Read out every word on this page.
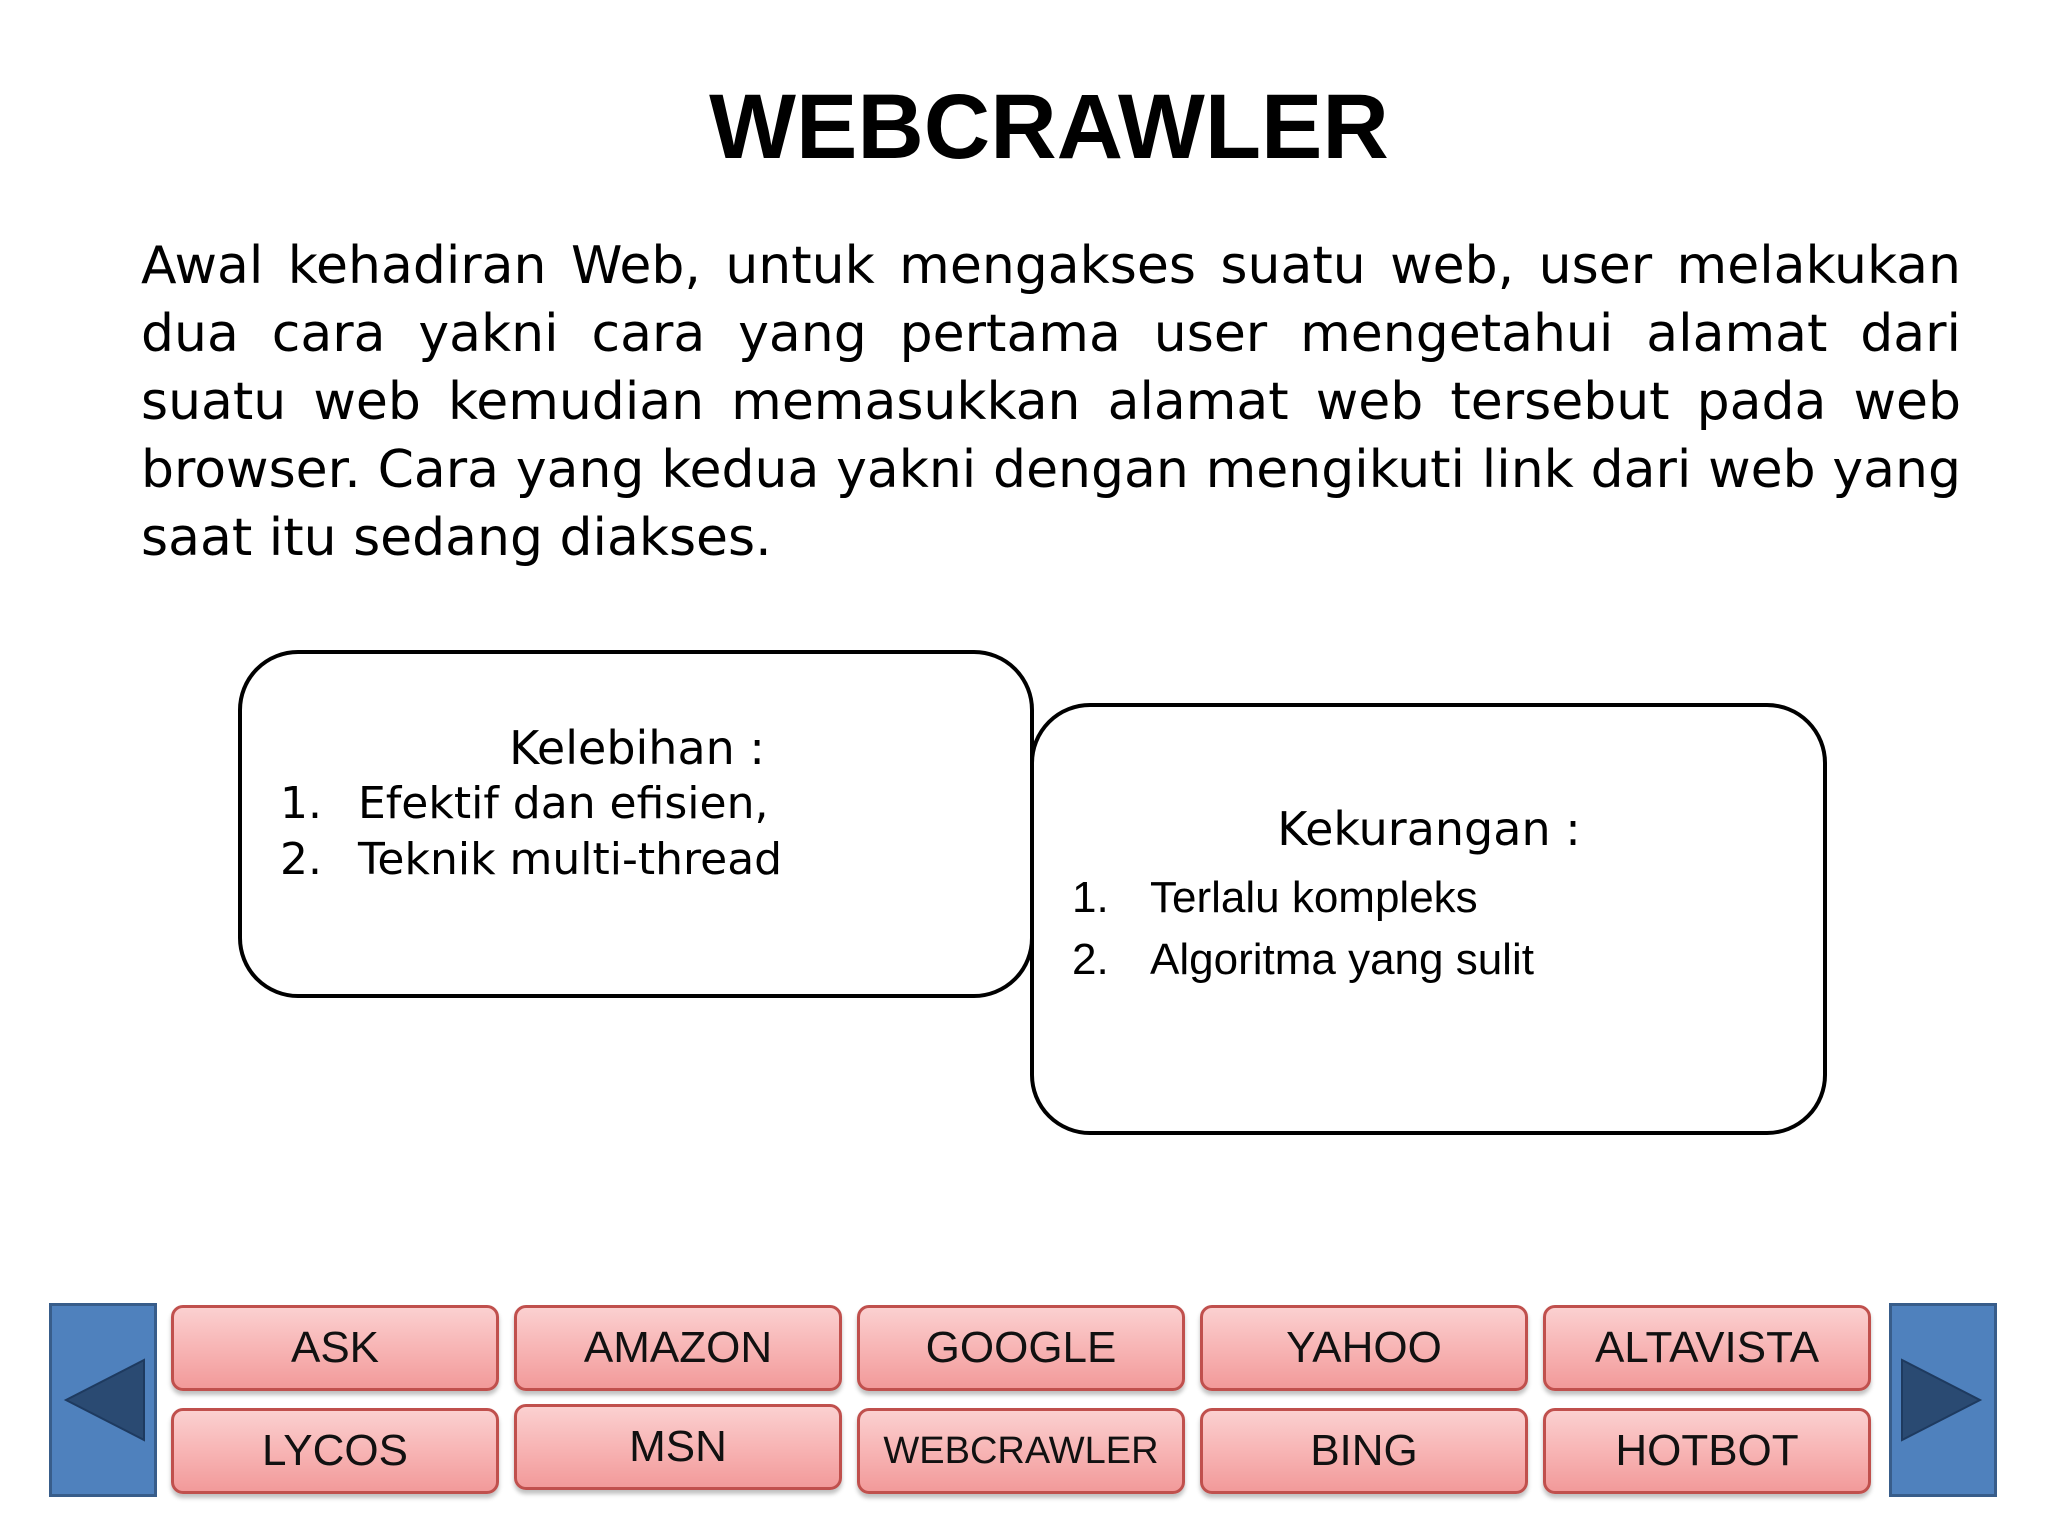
WEBCRAWLER
Awal kehadiran Web, untuk mengakses suatu web, user melakukan dua cara yakni cara yang pertama user mengetahui alamat dari suatu web kemudian memasukkan alamat web tersebut pada web browser. Cara yang kedua yakni dengan mengikuti link dari web yang saat itu sedang diakses.
Kelebihan :
1. Efektif dan efisien,
2. Teknik multi-thread
Kekurangan :
1. Terlalu kompleks
2. Algoritma yang sulit
ASK	AMAZON	GOOGLE	YAHOO	ALTAVISTA
LYCOS	MSN	WEBCRAWLER	BING	HOTBOT
